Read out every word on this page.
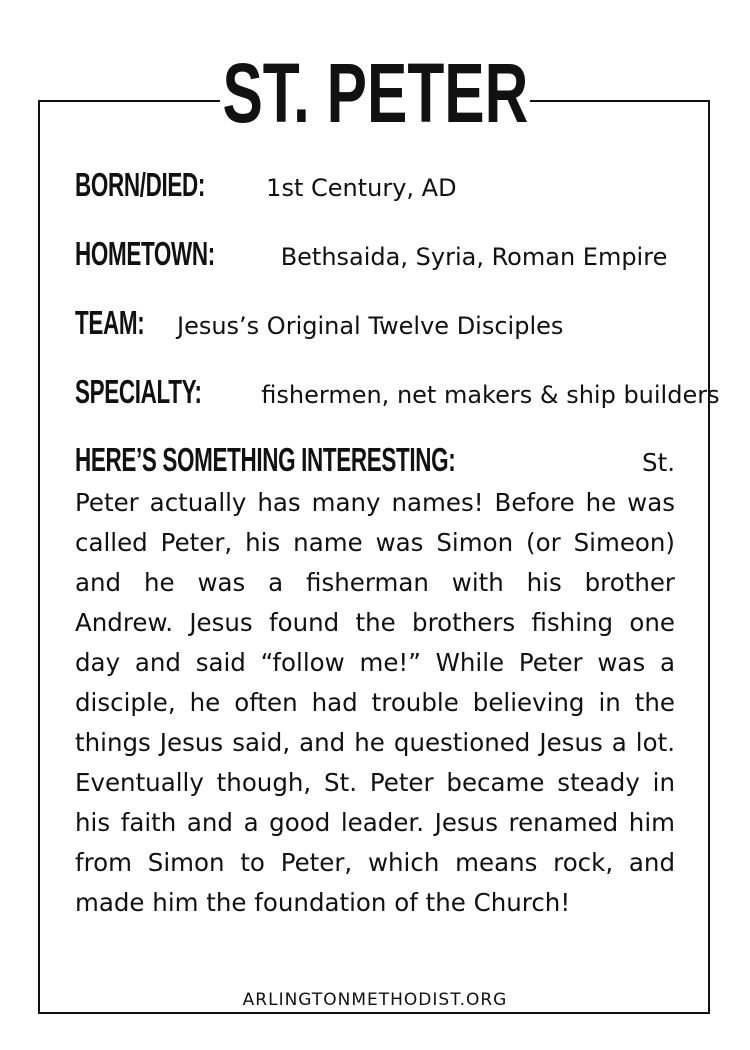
ST. PETER
BORN/DIED:	1st Century, AD
HOMETOWN:	Bethsaida, Syria, Roman Empire
TEAM: Jesus’s Original Twelve Disciples
SPECIALTY: fishermen, net makers & ship builders
HERE’S SOMETHING INTERESTING:	St. Peter actually has many names! Before he was called Peter, his name was Simon (or Simeon) and he was a fisherman with his brother Andrew. Jesus found the brothers fishing one day and said “follow me!” While Peter was a disciple, he often had trouble believing in the things Jesus said, and he questioned Jesus a lot. Eventually though, St. Peter became steady in his faith and a good leader. Jesus renamed him from Simon to Peter, which means rock, and made him the foundation of the Church!
ARLINGTONMETHODIST.ORG
